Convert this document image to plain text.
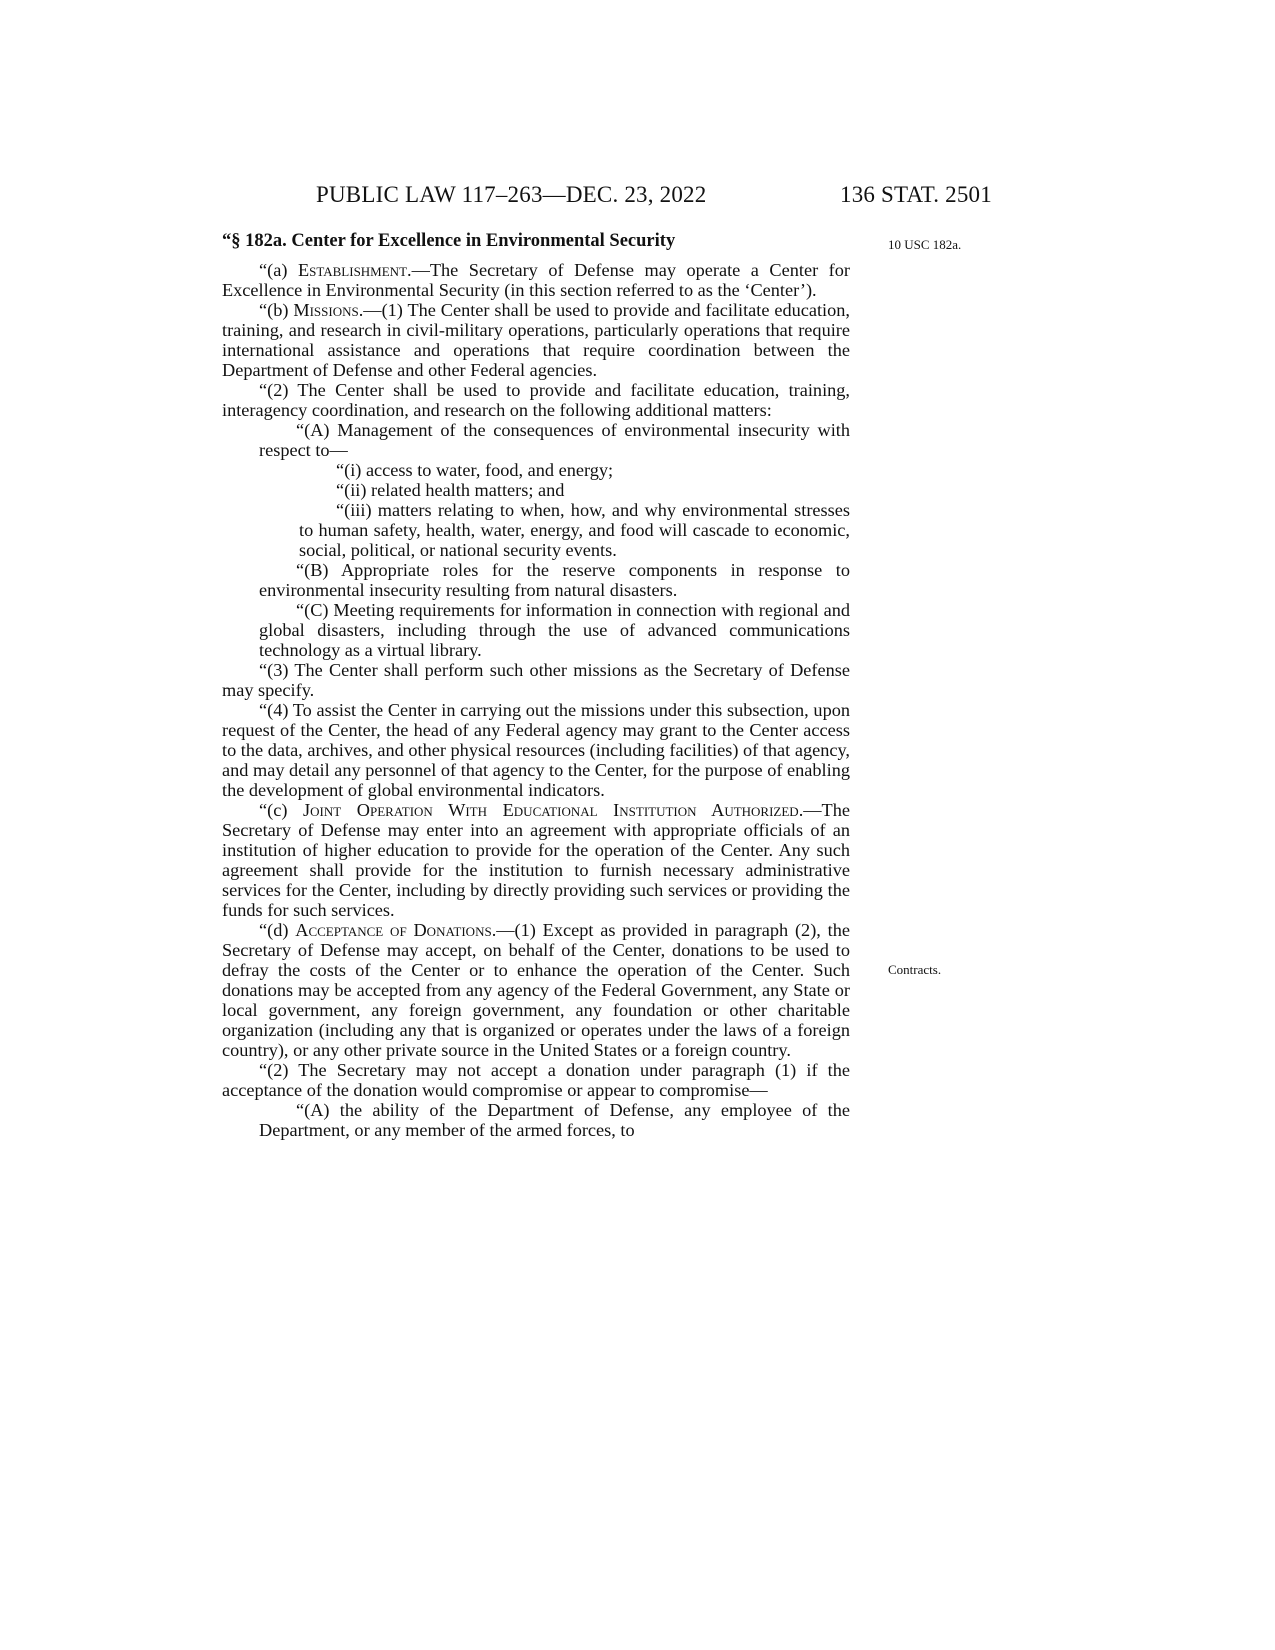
PUBLIC LAW 117–263—DEC. 23, 2022	136 STAT. 2501
“§ 182a. Center for Excellence in Environmental Security	10 USC 182a.
Contracts.

“(a) Establishment.—The Secretary of Defense may operate a Center for Excellence in Environmental Security (in this section referred to as the ‘Center’).

“(b) Missions.—(1) The Center shall be used to provide and facilitate education, training, and research in civil-military operations, particularly operations that require international assistance and operations that require coordination between the Department of Defense and other Federal agencies.

“(2) The Center shall be used to provide and facilitate education, training, interagency coordination, and research on the following additional matters:

“(A) Management of the consequences of environmental insecurity with respect to—

“(i) access to water, food, and energy;

“(ii) related health matters; and

“(iii) matters relating to when, how, and why environmental stresses to human safety, health, water, energy, and food will cascade to economic, social, political, or national security events.

“(B) Appropriate roles for the reserve components in response to environmental insecurity resulting from natural disasters.

“(C) Meeting requirements for information in connection with regional and global disasters, including through the use of advanced communications technology as a virtual library.

“(3) The Center shall perform such other missions as the Secretary of Defense may specify.

“(4) To assist the Center in carrying out the missions under this subsection, upon request of the Center, the head of any Federal agency may grant to the Center access to the data, archives, and other physical resources (including facilities) of that agency, and may detail any personnel of that agency to the Center, for the purpose of enabling the development of global environmental indicators.

“(c) Joint Operation With Educational Institution Authorized.—The Secretary of Defense may enter into an agreement with appropriate officials of an institution of higher education to provide for the operation of the Center. Any such agreement shall provide for the institution to furnish necessary administrative services for the Center, including by directly providing such services or providing the funds for such services.

“(d) Acceptance of Donations.—(1) Except as provided in paragraph (2), the Secretary of Defense may accept, on behalf of the Center, donations to be used to defray the costs of the Center or to enhance the operation of the Center. Such donations may be accepted from any agency of the Federal Government, any State or local government, any foreign government, any foundation or other charitable organization (including any that is organized or operates under the laws of a foreign country), or any other private source in the United States or a foreign country.

“(2) The Secretary may not accept a donation under paragraph (1) if the acceptance of the donation would compromise or appear to compromise—

“(A) the ability of the Department of Defense, any employee of the Department, or any member of the armed forces, to
